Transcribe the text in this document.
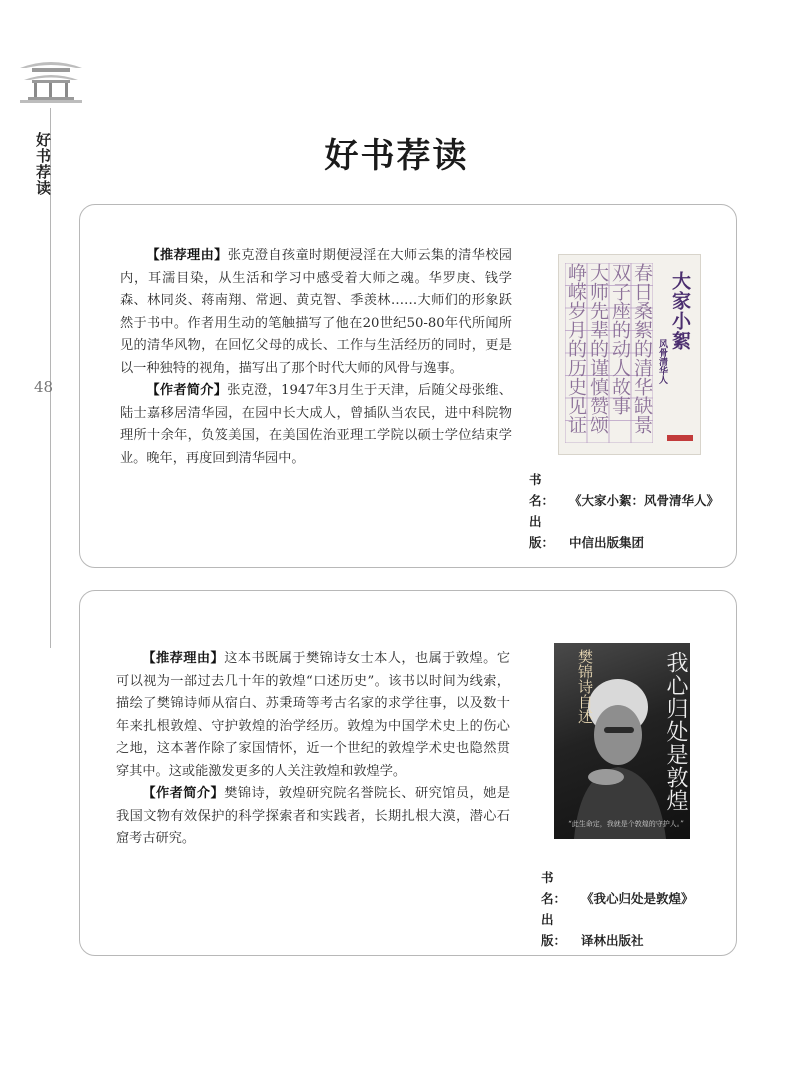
好书荐读
48
好书荐读

【推荐理由】张克澄自孩童时期便浸淫在大师云集的清华校园内，耳濡目染，从生活和学习中感受着大师之魂。华罗庚、钱学森、林同炎、蒋南翔、常迥、黄克智、季羡林……大师们的形象跃然于书中。作者用生动的笔触描写了他在20世纪50-80年代所闻所见的清华风物，在回忆父母的成长、工作与生活经历的同时，更是以一种独特的视角，描写出了那个时代大师的风骨与逸事。

【作者简介】张克澄，1947年3月生于天津，后随父母张维、陆士嘉移居清华园，在园中长大成人，曾插队当农民，进中科院物理所十余年，负笈美国，在美国佐治亚理工学院以硕士学位结束学业。晚年，再度回到清华园中。

春日桑絮的清华缺景
双子座的动人故事
大师先辈的谨慎赞颂
峥嵘岁月的历史见证	大家小絮
风骨清华人
书　名： 《大家小絮：风骨清华人》
出　版： 中信出版集团

【推荐理由】这本书既属于樊锦诗女士本人，也属于敦煌。它可以视为一部过去几十年的敦煌“口述历史”。该书以时间为线索，描绘了樊锦诗师从宿白、苏秉琦等考古名家的求学往事，以及数十年来扎根敦煌、守护敦煌的治学经历。敦煌为中国学术史上的伤心之地，这本著作除了家国情怀，近一个世纪的敦煌学术史也隐然贯穿其中。这或能激发更多的人关注敦煌和敦煌学。

【作者简介】樊锦诗，敦煌研究院名誉院长、研究馆员，她是我国文物有效保护的科学探索者和实践者，长期扎根大漠，潜心石窟考古研究。

樊锦诗自述	我心归处是敦煌
“此生命定，我就是个敦煌的守护人。”
书　名： 《我心归处是敦煌》
出　版： 译林出版社
